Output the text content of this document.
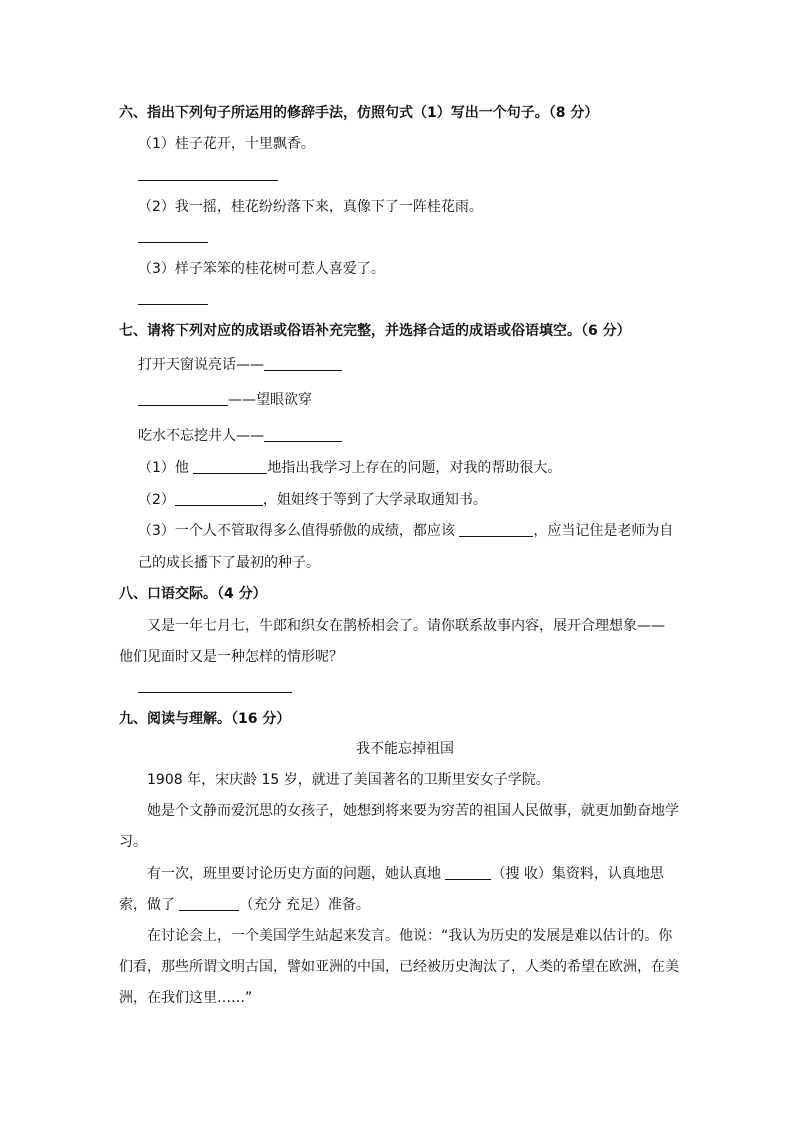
六、指出下列句子所运用的修辞手法，仿照句式（1）写出一个句子。（8 分）
（1）桂子花开，十里飘香。
（2）我一摇，桂花纷纷落下来，真像下了一阵桂花雨。
（3）样子笨笨的桂花树可惹人喜爱了。
七、请将下列对应的成语或俗语补充完整，并选择合适的成语或俗语填空。（6 分）
打开天窗说亮话——
——望眼欲穿
吃水不忘挖井人——
（1）他	地指出我学习上存在的问题，对我的帮助很大。
（2）	，姐姐终于等到了大学录取通知书。
（3）一个人不管取得多么值得骄傲的成绩，都应该	，应当记住是老师为自
己的成长播下了最初的种子。
八、口语交际。（4 分）
又是一年七月七，牛郎和织女在鹊桥相会了。请你联系故事内容，展开合理想象——
他们见面时又是一种怎样的情形呢？
九、阅读与理解。（16 分）
我不能忘掉祖国
1908 年，宋庆龄 15 岁，就进了美国著名的卫斯里安女子学院。
她是个文静而爱沉思的女孩子，她想到将来要为穷苦的祖国人民做事，就更加勤奋地学
习。
有一次，班里要讨论历史方面的问题，她认真地	（搜 收）集资料，认真地思
索，做了	（充分 充足）准备。
在讨论会上，一个美国学生站起来发言。他说：“我认为历史的发展是难以估计的。你
们看，那些所谓文明古国，譬如亚洲的中国，已经被历史淘汰了，人类的希望在欧洲，在美
洲，在我们这里……”
